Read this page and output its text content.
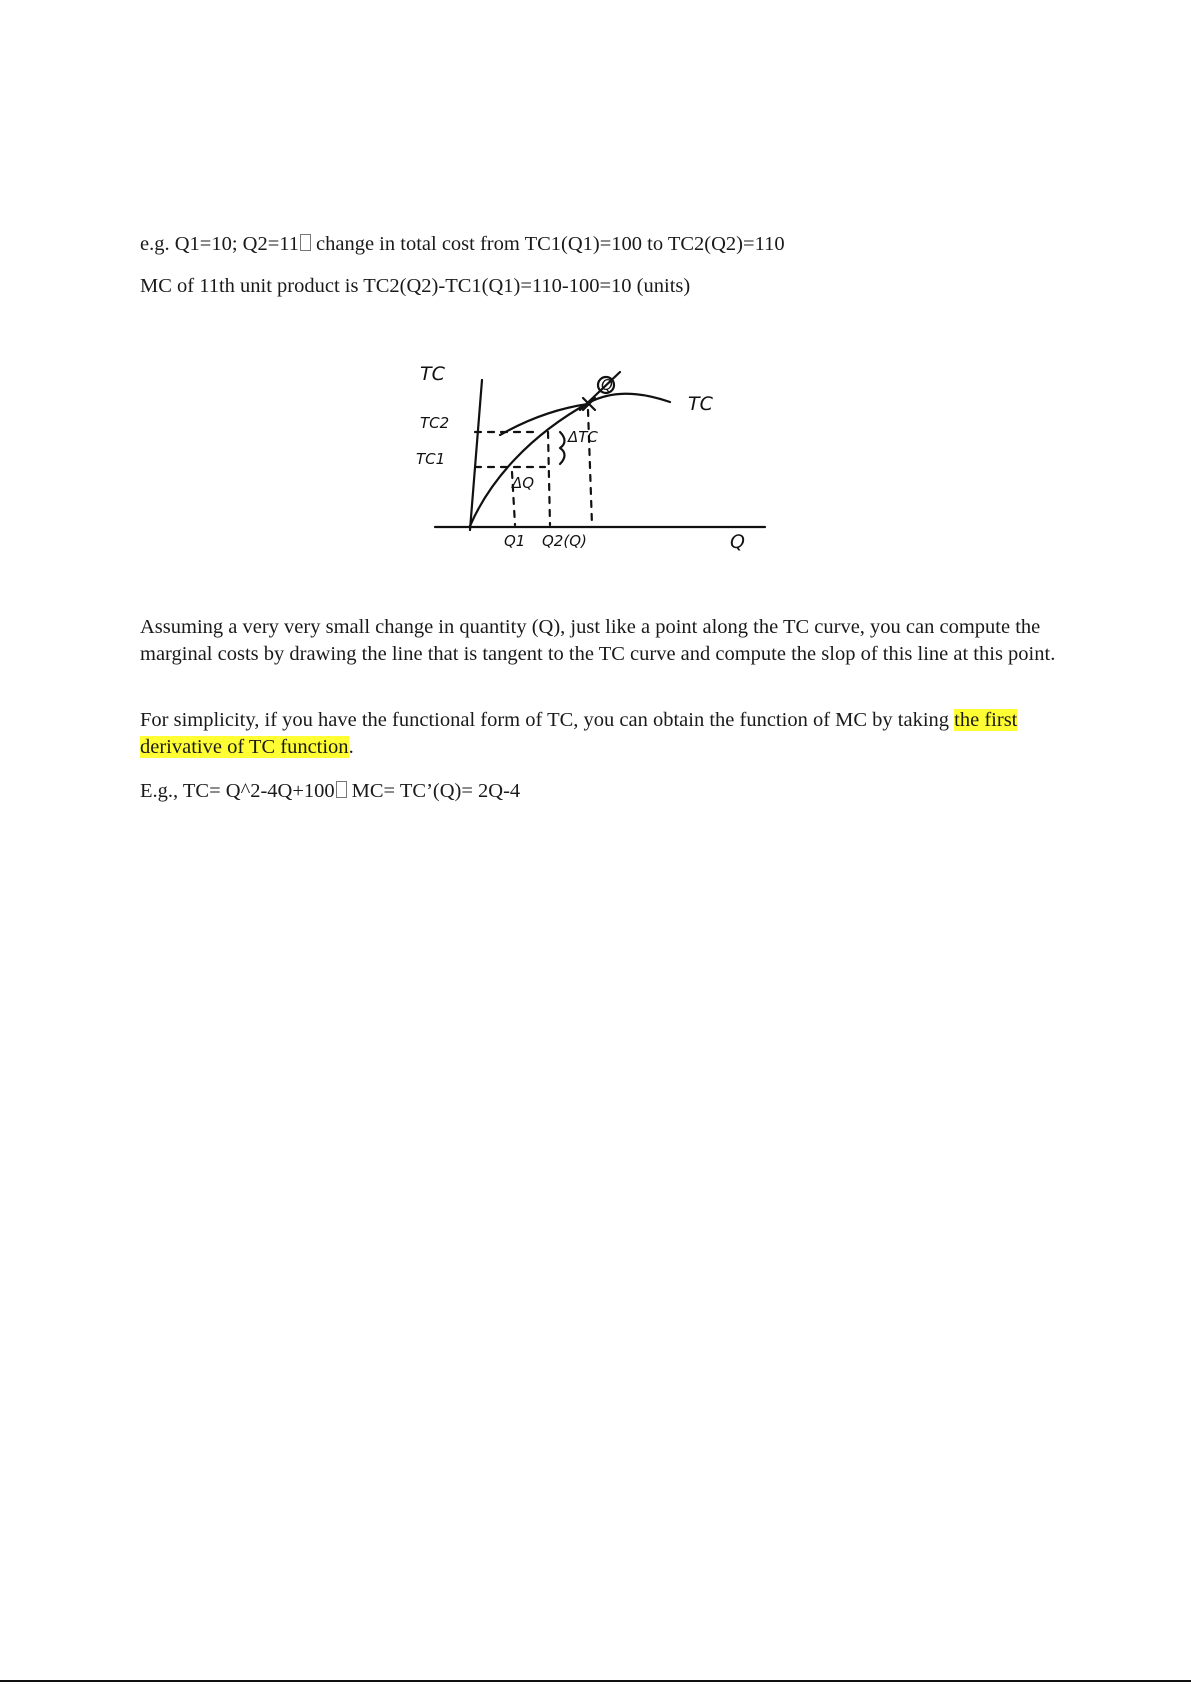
e.g. Q1=10; Q2=11 change in total cost from TC1(Q1)=100 to TC2(Q2)=110

MC of 11th unit product is TC2(Q2)-TC1(Q1)=110-100=10 (units)

TC
TC2
TC1
TC
ΔTC
ΔQ
Q1 Q2(Q)	Q
Q

Assuming a very very small change in quantity (Q), just like a point along the TC curve, you can compute the marginal costs by drawing the line that is tangent to the TC curve and compute the slop of this line at this point.

For simplicity, if you have the functional form of TC, you can obtain the function of MC by taking the first derivative of TC function.

E.g., TC= Q^2-4Q+100 MC= TC’(Q)= 2Q-4
